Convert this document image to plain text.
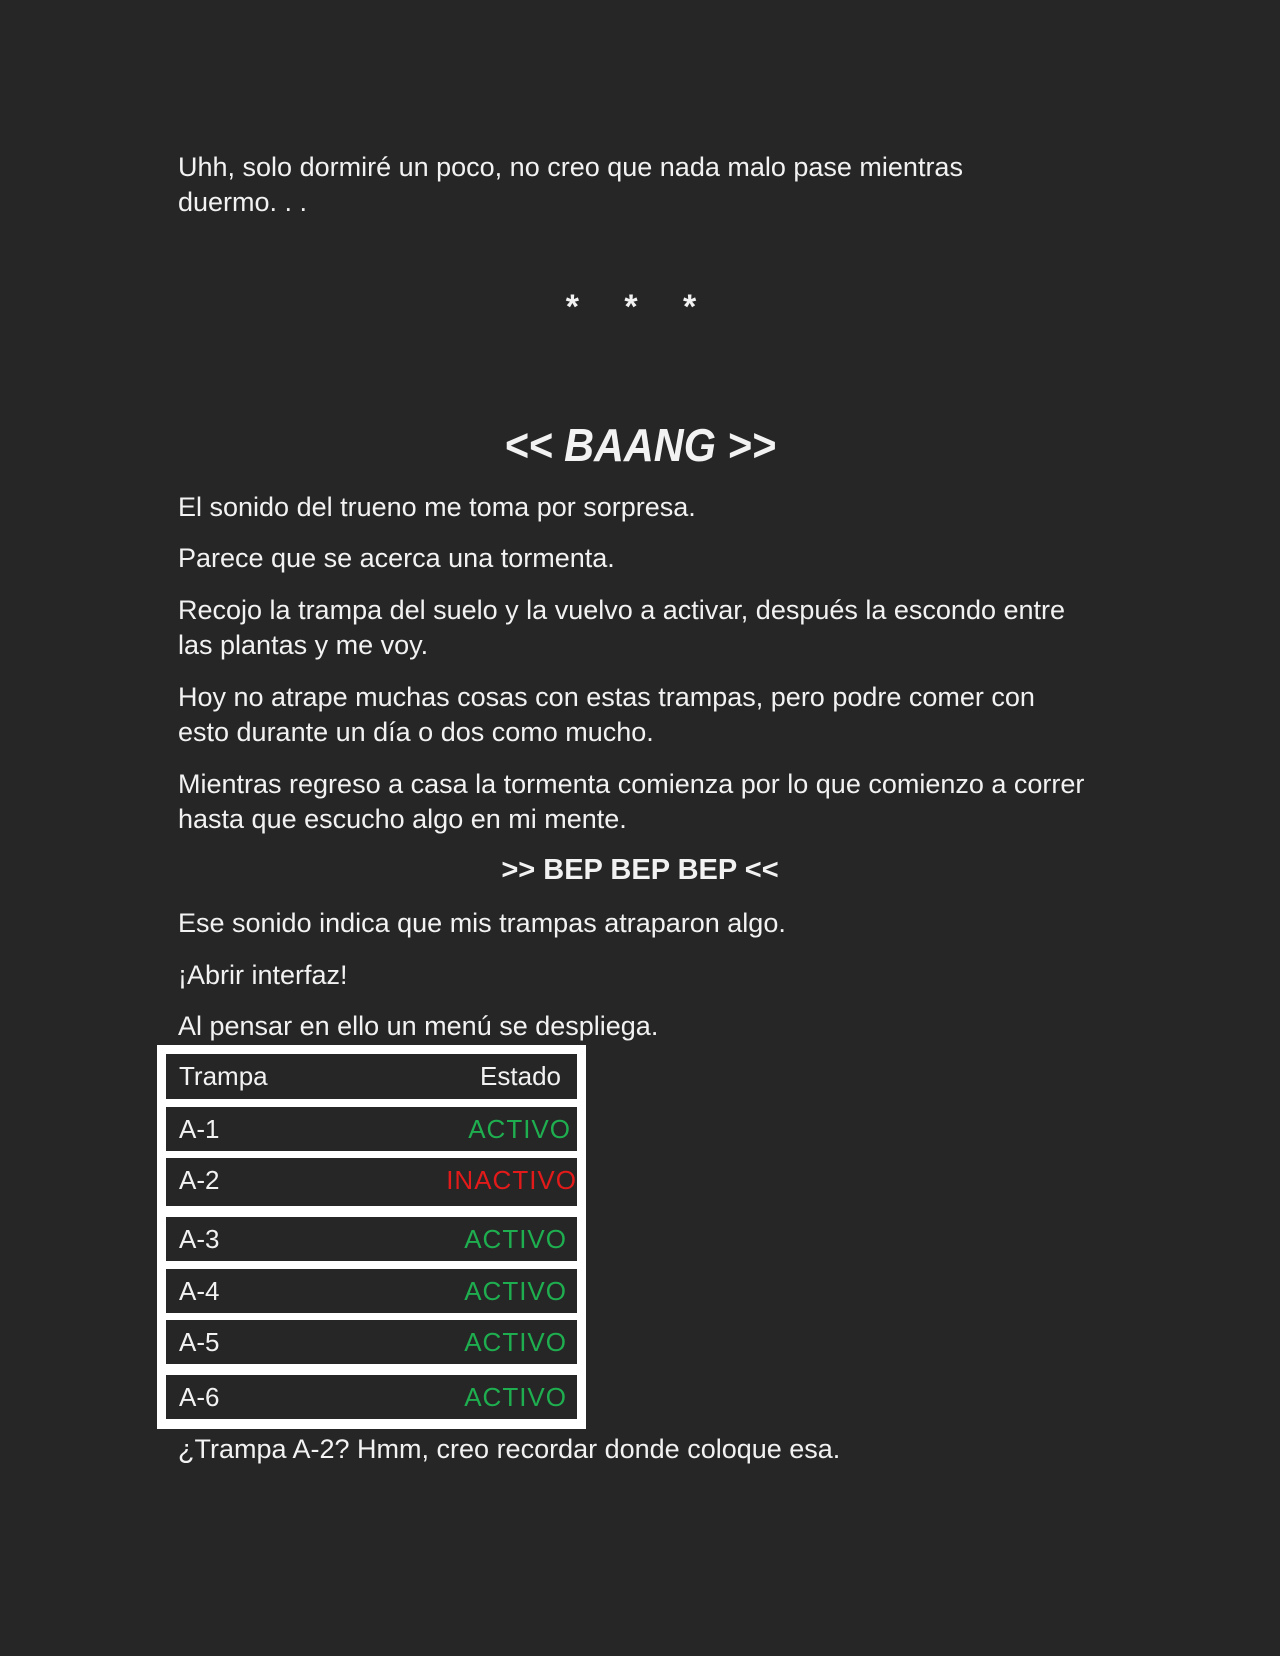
Uhh, solo dormiré un poco, no creo que nada malo pase mientras duermo. . .

* * *

<< BAANG >>

El sonido del trueno me toma por sorpresa.

Parece que se acerca una tormenta.

Recojo la trampa del suelo y la vuelvo a activar, después la escondo entre las plantas y me voy.

Hoy no atrape muchas cosas con estas trampas, pero podre comer con esto durante un día o dos como mucho.

Mientras regreso a casa la tormenta comienza por lo que comienzo a correr hasta que escucho algo en mi mente.

>> BEP BEP BEP <<

Ese sonido indica que mis trampas atraparon algo.

¡Abrir interfaz!

Al pensar en ello un menú se despliega.

Trampa	Estado
A-1	ACTIVO
A-2	INACTIVO
A-3	ACTIVO
A-4	ACTIVO
A-5	ACTIVO
A-6	ACTIVO

¿Trampa A-2? Hmm, creo recordar donde coloque esa.
